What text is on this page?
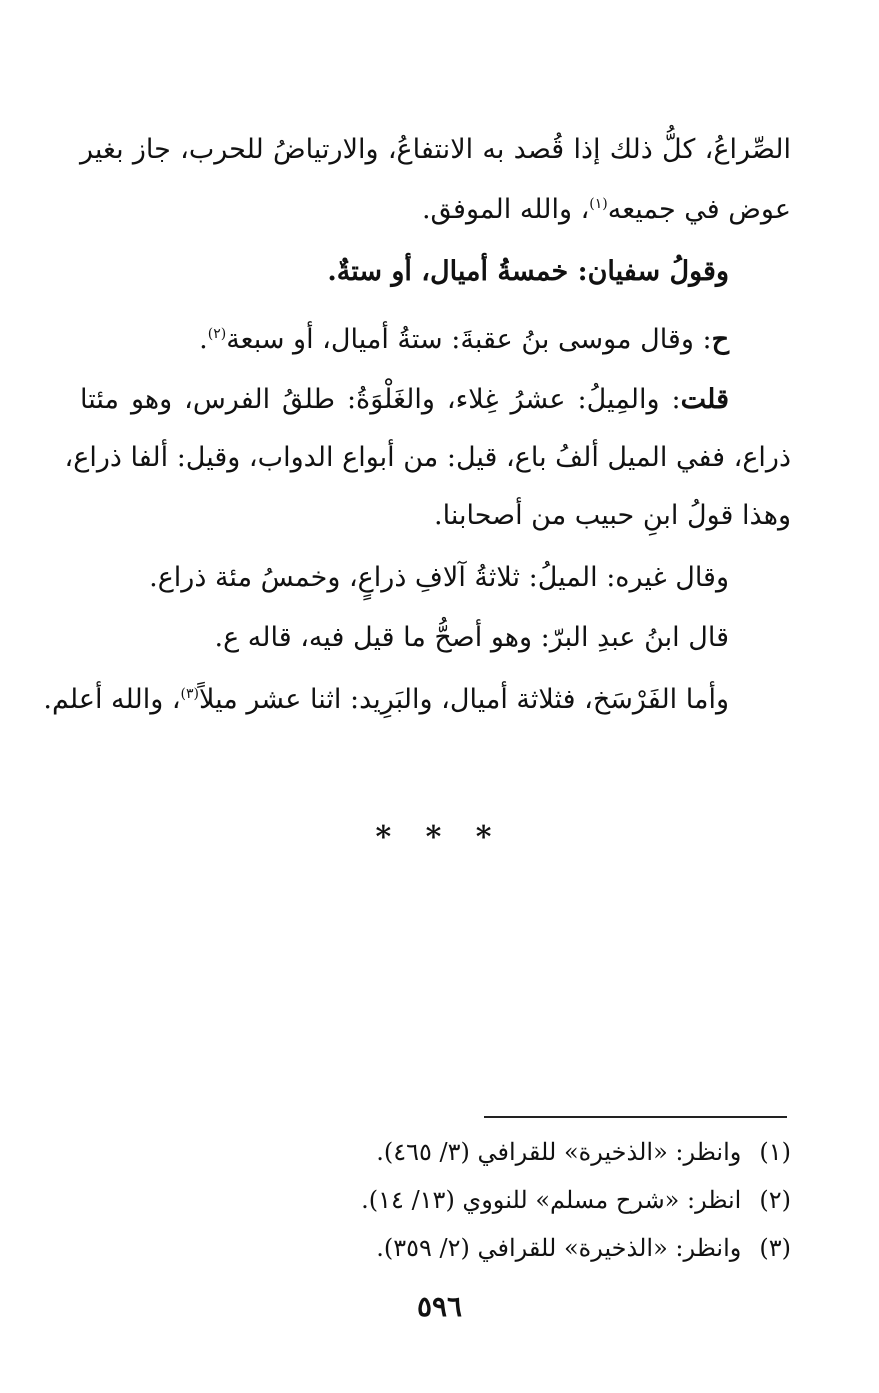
الصِّراعُ، كلُّ ذلك إذا قُصد به الانتفاعُ، والارتياضُ للحرب، جاز بغير
عوض في جميعه$^{(١)}$، والله الموفق.
وقولُ سفيان: خمسةُ أميال، أو ستةٌ.
ح: وقال موسى بنُ عقبةَ: ستةُ أميال، أو سبعة$^{(٢)}$.
قلت: والمِيلُ: عشرُ غِلاء، والغَلْوَةُ: طلقُ الفرس، وهو مئتا
ذراع، ففي الميل ألفُ باع، قيل: من أبواع الدواب، وقيل: ألفا ذراع،
وهذا قولُ ابنِ حبيب من أصحابنا.
وقال غيره: الميلُ: ثلاثةُ آلافِ ذراعٍ، وخمسُ مئة ذراع.
قال ابنُ عبدِ البرّ: وهو أصحُّ ما قيل فيه، قاله ع.
وأما الفَرْسَخ، فثلاثة أميال، والبَرِيد: اثنا عشر ميلاً$^{(٣)}$، والله أعلم.
* * *
(١)وانظر: «الذخيرة» للقرافي (٣/ ٤٦٥).
(٢)انظر: «شرح مسلم» للنووي (١٣/ ١٤).
(٣)وانظر: «الذخيرة» للقرافي (٢/ ٣٥٩).
٥٩٦
